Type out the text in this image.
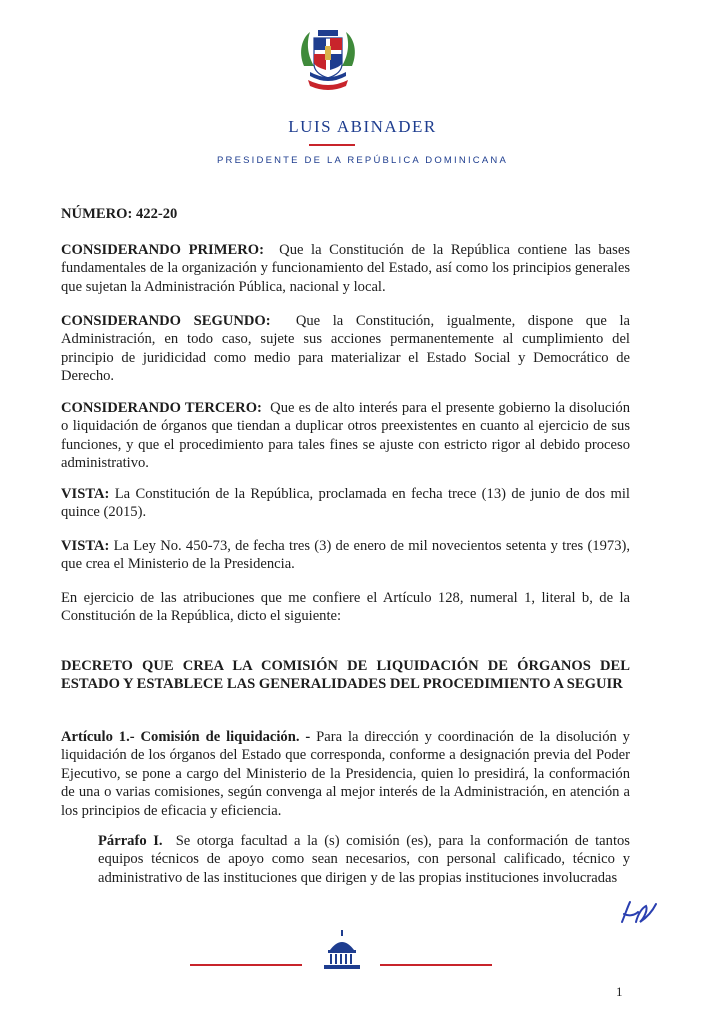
LUIS ABINADER
PRESIDENTE DE LA REPÚBLICA DOMINICANA
NÚMERO: 422-20
CONSIDERANDO PRIMERO: Que la Constitución de la República contiene las bases fundamentales de la organización y funcionamiento del Estado, así como los principios generales que sujetan la Administración Pública, nacional y local.
CONSIDERANDO SEGUNDO: Que la Constitución, igualmente, dispone que la Administración, en todo caso, sujete sus acciones permanentemente al cumplimiento del principio de juridicidad como medio para materializar el Estado Social y Democrático de Derecho.
CONSIDERANDO TERCERO: Que es de alto interés para el presente gobierno la disolución o liquidación de órganos que tiendan a duplicar otros preexistentes en cuanto al ejercicio de sus funciones, y que el procedimiento para tales fines se ajuste con estricto rigor al debido proceso administrativo.
VISTA: La Constitución de la República, proclamada en fecha trece (13) de junio de dos mil quince (2015).
VISTA: La Ley No. 450-73, de fecha tres (3) de enero de mil novecientos setenta y tres (1973), que crea el Ministerio de la Presidencia.
En ejercicio de las atribuciones que me confiere el Artículo 128, numeral 1, literal b, de la Constitución de la República, dicto el siguiente:
DECRETO QUE CREA LA COMISIÓN DE LIQUIDACIÓN DE ÓRGANOS DEL ESTADO Y ESTABLECE LAS GENERALIDADES DEL PROCEDIMIENTO A SEGUIR
Artículo 1.- Comisión de liquidación. - Para la dirección y coordinación de la disolución y liquidación de los órganos del Estado que corresponda, conforme a designación previa del Poder Ejecutivo, se pone a cargo del Ministerio de la Presidencia, quien lo presidirá, la conformación de una o varias comisiones, según convenga al mejor interés de la Administración, en atención a los principios de eficacia y eficiencia.
Párrafo I. Se otorga facultad a la (s) comisión (es), para la conformación de tantos equipos técnicos de apoyo como sean necesarios, con personal calificado, técnico y administrativo de las instituciones que dirigen y de las propias instituciones involucradas
1
